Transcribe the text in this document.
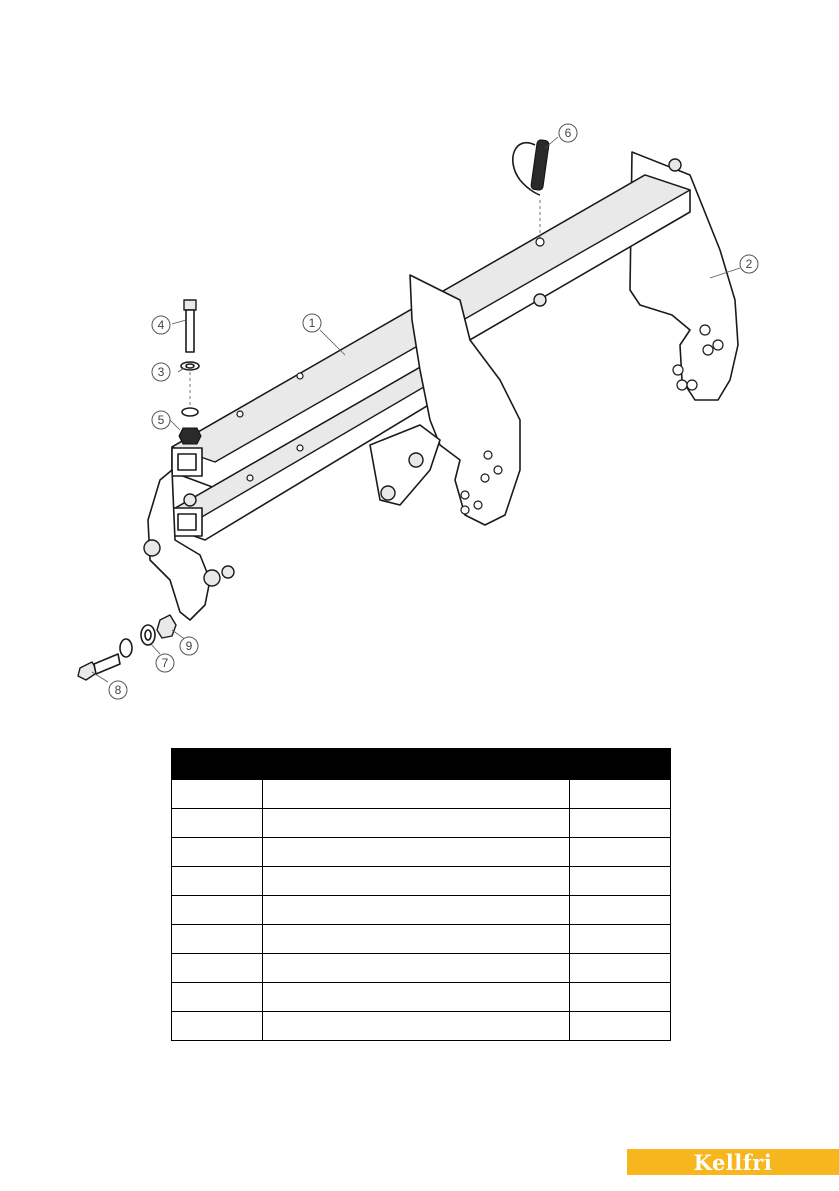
1
2
3
4
5
6
7
8
9

Kellfri
